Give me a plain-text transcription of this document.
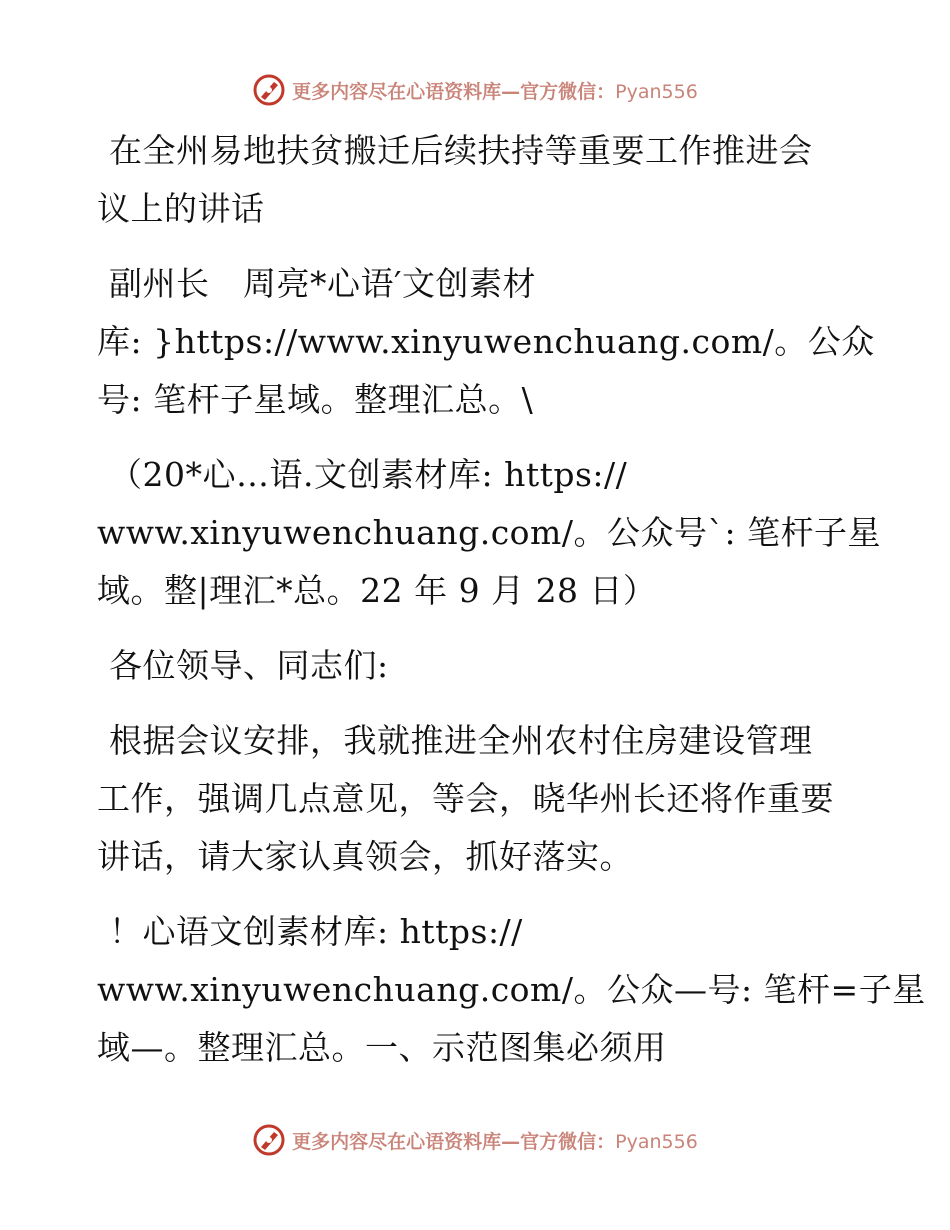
更多内容尽在心语资料库—官方微信：Pyan556

在全州易地扶贫搬迁后续扶持等重要工作推进会
议上的讲话

副州长　周亮*心语′文创素材
库: }https://www.xinyuwenchuang.com/。公众
号: 笔杆子星域。整理汇总。\

（20*心…语.文创素材库: https://
www.xinyuwenchuang.com/。公众号`: 笔杆子星
域。整|理汇*总。22 年 9 月 28 日）

各位领导、同志们:

根据会议安排，我就推进全州农村住房建设管理
工作，强调几点意见，等会，晓华州长还将作重要
讲话，请大家认真领会，抓好落实。

！心语文创素材库: https://
www.xinyuwenchuang.com/。公众—号: 笔杆=子星
域—。整理汇总。一、示范图集必须用

更多内容尽在心语资料库—官方微信：Pyan556
